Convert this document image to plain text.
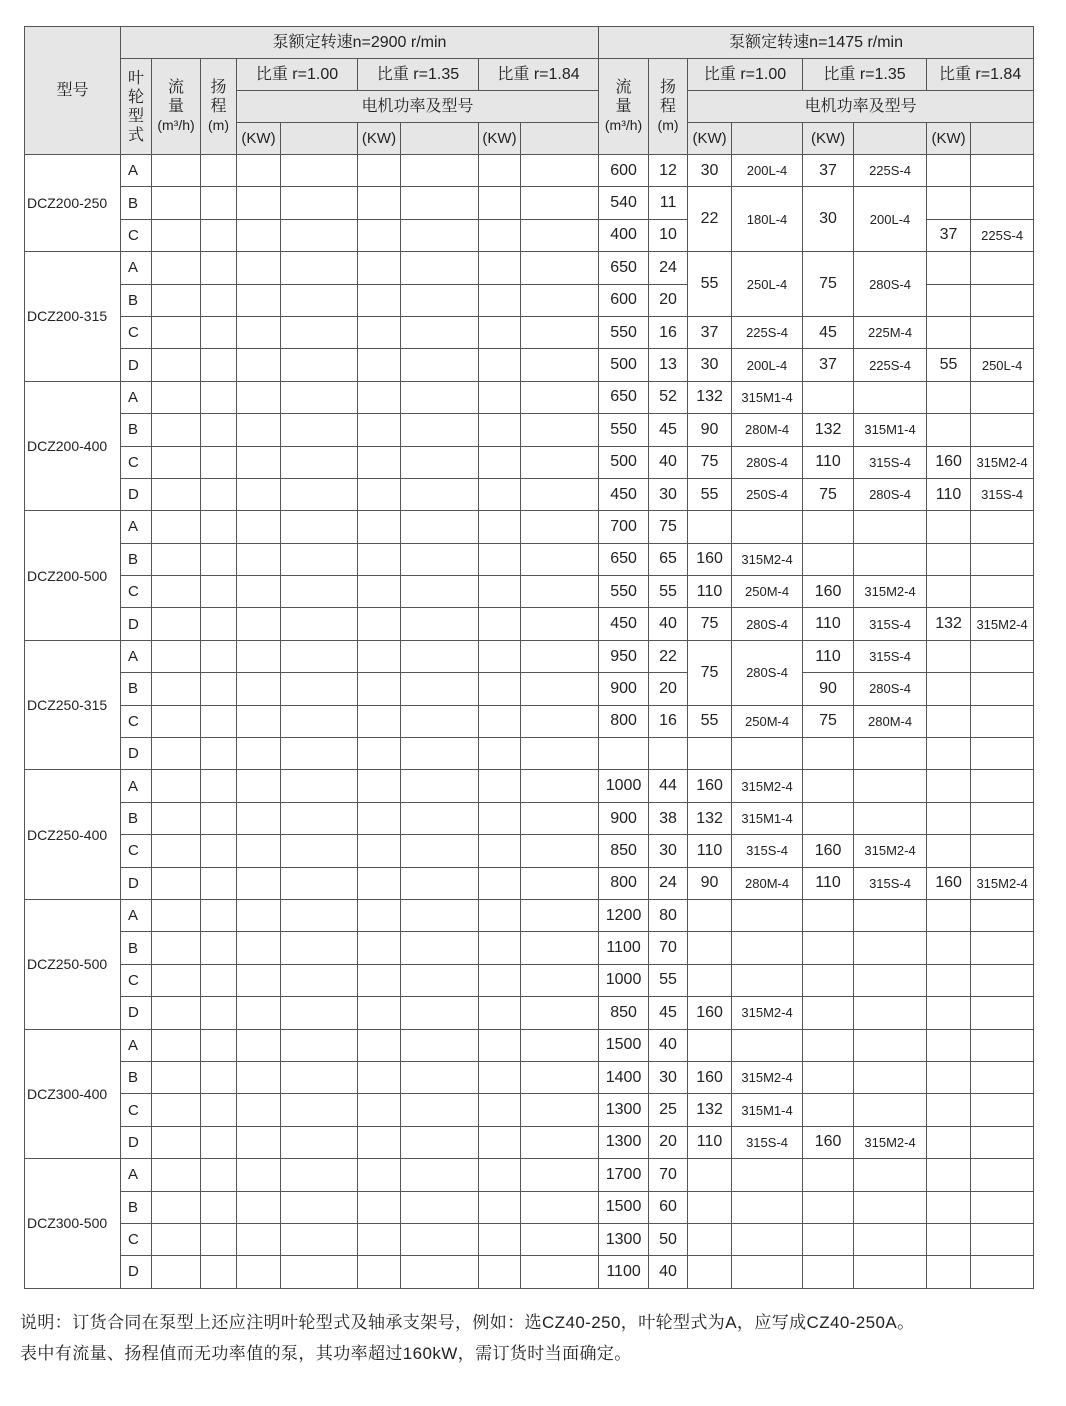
型号	泵额定转速n=2900 r/min									泵额定转速n=1475 r/min							
	叶轮型式	流量
(m³/h)	扬程
(m)	比重 r=1.00		比重 r=1.35		比重 r=1.84		流量
(m³/h)	扬程
(m)	比重 r=1.00		比重 r=1.35		比重 r=1.84	
				电机功率及型号								电机功率及型号					
				(KW)		(KW)		(KW)				(KW)		(KW)		(KW)	
DCZ200-250	A									600	12	30	200L-4	37	225S-4		
	B									540	11	22	180L-4	30	200L-4		
	C									400	10					37	225S-4
DCZ200-315	A									650	24	55	250L-4	75	280S-4		
	B									600	20						
	C									550	16	37	225S-4	45	225M-4		
	D									500	13	30	200L-4	37	225S-4	55	250L-4
DCZ200-400	A									650	52	132	315M1-4				
	B									550	45	90	280M-4	132	315M1-4		
	C									500	40	75	280S-4	110	315S-4	160	315M2-4
	D									450	30	55	250S-4	75	280S-4	110	315S-4
DCZ200-500	A									700	75						
	B									650	65	160	315M2-4				
	C									550	55	110	250M-4	160	315M2-4		
	D									450	40	75	280S-4	110	315S-4	132	315M2-4
DCZ250-315	A									950	22	75	280S-4	110	315S-4		
	B									900	20			90	280S-4		
	C									800	16	55	250M-4	75	280M-4		
	D																
DCZ250-400	A									1000	44	160	315M2-4				
	B									900	38	132	315M1-4				
	C									850	30	110	315S-4	160	315M2-4		
	D									800	24	90	280M-4	110	315S-4	160	315M2-4
DCZ250-500	A									1200	80						
	B									1100	70						
	C									1000	55						
	D									850	45	160	315M2-4				
DCZ300-400	A									1500	40						
	B									1400	30	160	315M2-4				
	C									1300	25	132	315M1-4				
	D									1300	20	110	315S-4	160	315M2-4		
DCZ300-500	A									1700	70						
	B									1500	60						
	C									1300	50						
	D									1100	40						

说明：订货合同在泵型上还应注明叶轮型式及轴承支架号，例如：选CZ40-250，叶轮型式为A，应写成CZ40-250A。

表中有流量、扬程值而无功率值的泵，其功率超过160kW，需订货时当面确定。
